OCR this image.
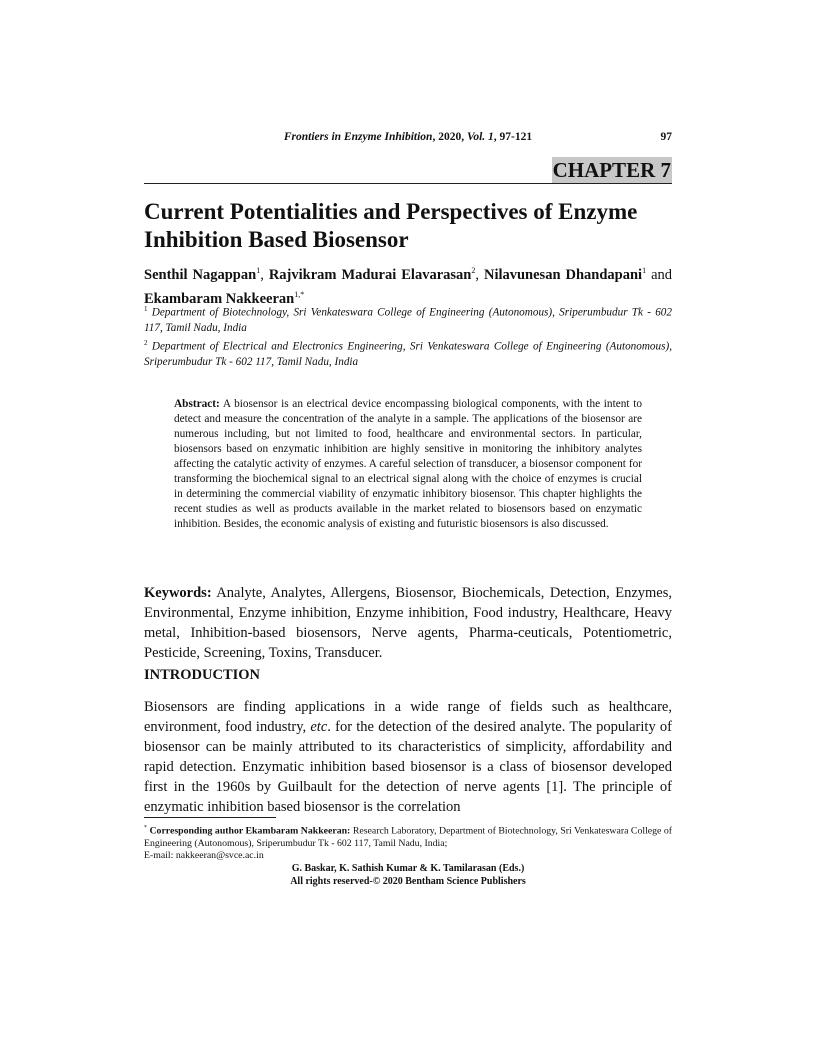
Frontiers in Enzyme Inhibition, 2020, Vol. 1, 97-121	97
CHAPTER 7
Current Potentialities and Perspectives of Enzyme Inhibition Based Biosensor
Senthil Nagappan$^1$, Rajvikram Madurai Elavarasan$^2$, Nilavunesan Dhandapani$^1$ and Ekambaram Nakkeeran$^{1,*}$
$^1$ Department of Biotechnology, Sri Venkateswara College of Engineering (Autonomous), Sriperumbudur Tk - 602 117, Tamil Nadu, India
$^2$ Department of Electrical and Electronics Engineering, Sri Venkateswara College of Engineering (Autonomous), Sriperumbudur Tk - 602 117, Tamil Nadu, India
Abstract: A biosensor is an electrical device encompassing biological components, with the intent to detect and measure the concentration of the analyte in a sample. The applications of the biosensor are numerous including, but not limited to food, healthcare and environmental sectors. In particular, biosensors based on enzymatic inhibition are highly sensitive in monitoring the inhibitory analytes affecting the catalytic activity of enzymes. A careful selection of transducer, a biosensor component for transforming the biochemical signal to an electrical signal along with the choice of enzymes is crucial in determining the commercial viability of enzymatic inhibitory biosensor. This chapter highlights the recent studies as well as products available in the market related to biosensors based on enzymatic inhibition. Besides, the economic analysis of existing and futuristic biosensors is also discussed.
Keywords: Analyte, Analytes, Allergens, Biosensor, Biochemicals, Detection, Enzymes, Environmental, Enzyme inhibition, Enzyme inhibition, Food industry, Healthcare, Heavy metal, Inhibition-based biosensors, Nerve agents, Pharma-ceuticals, Potentiometric, Pesticide, Screening, Toxins, Transducer.
INTRODUCTION
Biosensors are finding applications in a wide range of fields such as healthcare, environment, food industry, etc. for the detection of the desired analyte. The popularity of biosensor can be mainly attributed to its characteristics of simplicity, affordability and rapid detection. Enzymatic inhibition based biosensor is a class of biosensor developed first in the 1960s by Guilbault for the detection of nerve agents [1]. The principle of enzymatic inhibition based biosensor is the correlation
* Corresponding author Ekambaram Nakkeeran: Research Laboratory, Department of Biotechnology, Sri Venkateswara College of Engineering (Autonomous), Sriperumbudur Tk - 602 117, Tamil Nadu, India;
E-mail: nakkeeran@svce.ac.in
G. Baskar, K. Sathish Kumar & K. Tamilarasan (Eds.)
All rights reserved-© 2020 Bentham Science Publishers
